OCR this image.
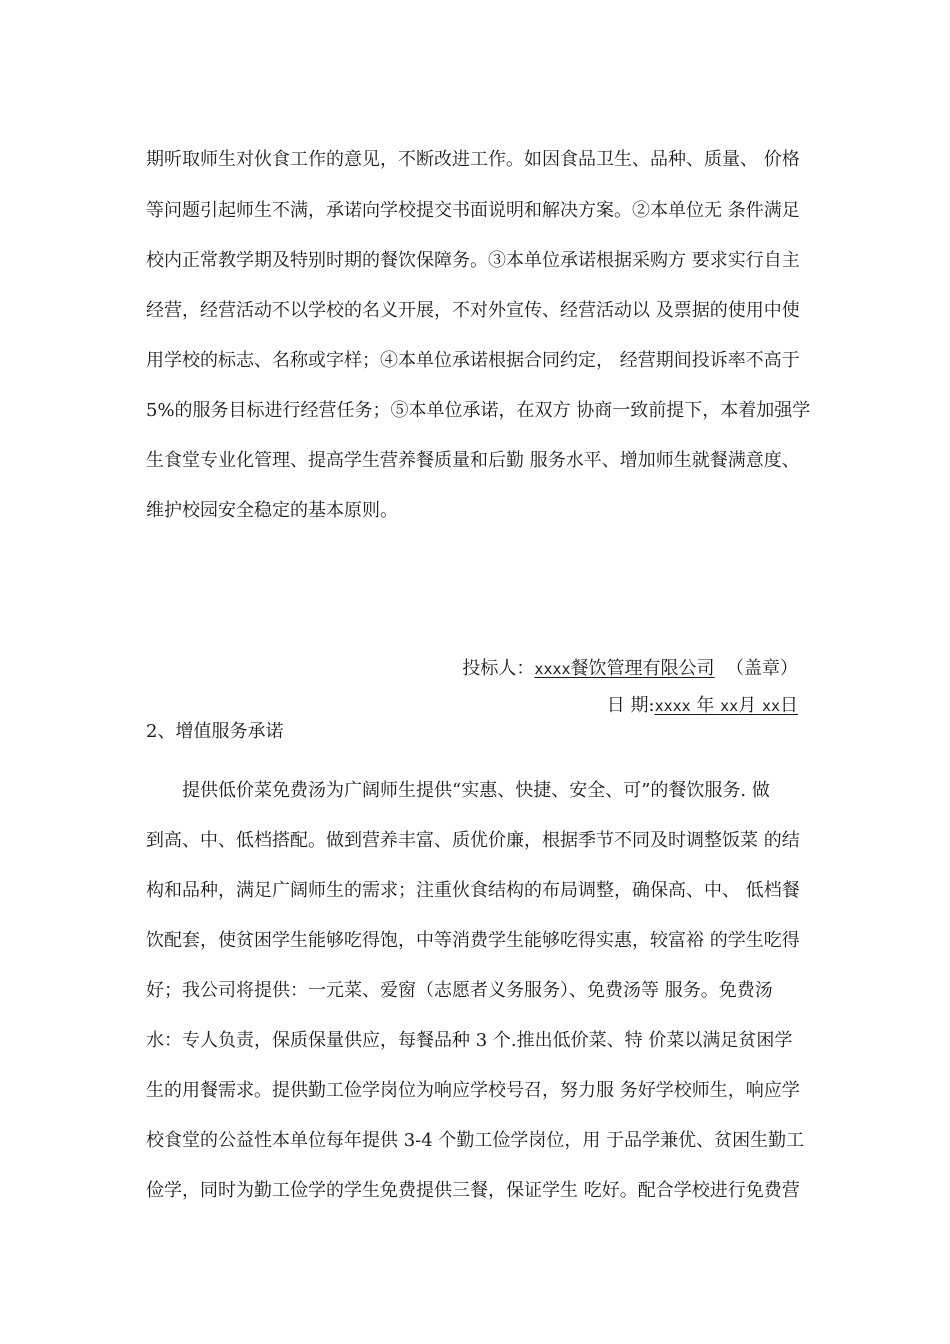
期听取师生对伙食工作的意见，不断改进工作。如因食品卫生、品种、质量、 价格
等问题引起师生不满，承诺向学校提交书面说明和解决方案。②本单位无 条件满足
校内正常教学期及特别时期的餐饮保障务。③本单位承诺根据采购方 要求实行自主
经营，经营活动不以学校的名义开展，不对外宣传、经营活动以 及票据的使用中使
用学校的标志、名称或字样；④本单位承诺根据合同约定， 经营期间投诉率不高于
5%的服务目标进行经营任务；⑤本单位承诺，在双方 协商一致前提下，本着加强学
生食堂专业化管理、提高学生营养餐质量和后勤 服务水平、增加师生就餐满意度、
维护校园安全稳定的基本原则。
投标人：xxxx餐饮管理有限公司 （盖章）
日 期:xxxx 年 xx月 xx日
2、增值服务承诺
提供低价菜免费汤为广阔师生提供“实惠、快捷、安全、可”的餐饮服务. 做
到高、中、低档搭配。做到营养丰富、质优价廉，根据季节不同及时调整饭菜 的结
构和品种，满足广阔师生的需求；注重伙食结构的布局调整，确保高、中、 低档餐
饮配套，使贫困学生能够吃得饱，中等消费学生能够吃得实惠，较富裕 的学生吃得
好；我公司将提供：一元菜、爱窗（志愿者义务服务）、免费汤等 服务。免费汤
水：专人负责，保质保量供应，每餐品种 3 个.推出低价菜、特 价菜以满足贫困学
生的用餐需求。提供勤工俭学岗位为响应学校号召，努力服 务好学校师生，响应学
校食堂的公益性本单位每年提供 3-4 个勤工俭学岗位，用 于品学兼优、贫困生勤工
俭学，同时为勤工俭学的学生免费提供三餐，保证学生 吃好。配合学校进行免费营
